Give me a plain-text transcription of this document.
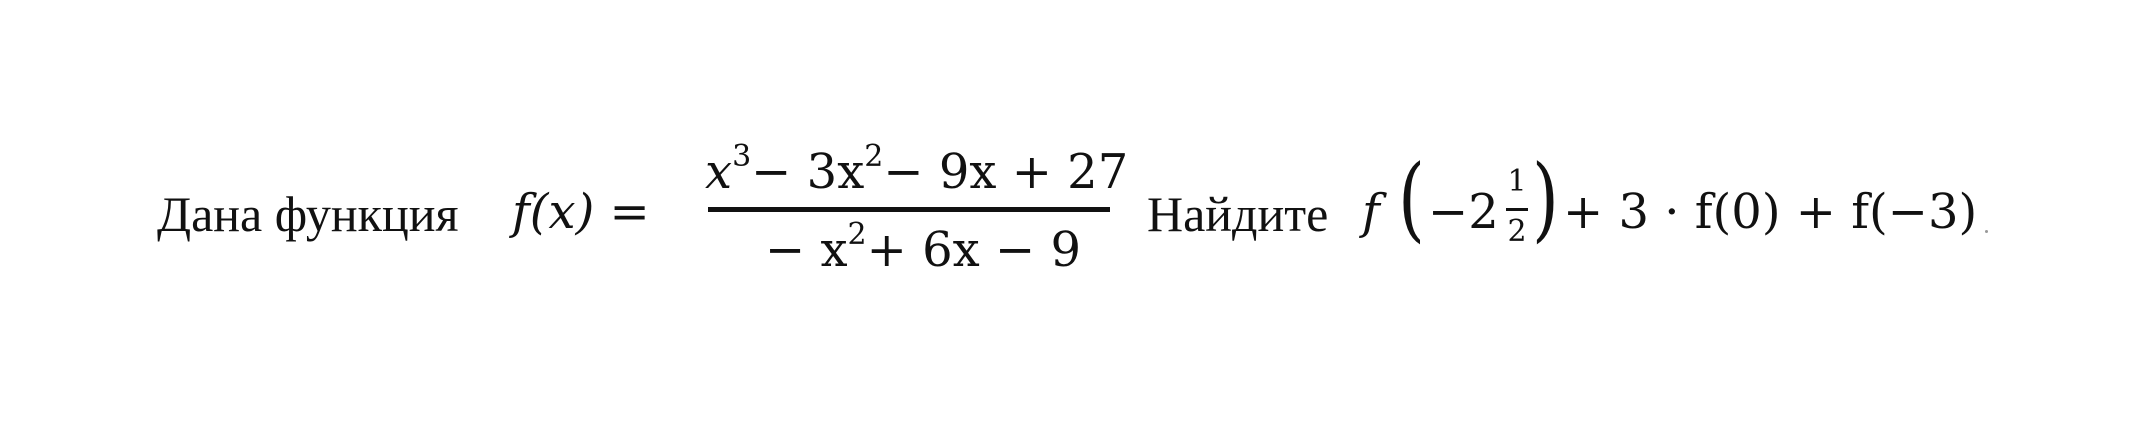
Дана функция f(x) =
$x^3- 3x^2- 9x + 27$
− $x^2+ 6x - 9$
Найдите f ( −2
1
2 ) + 3 · f(0) + f(−3)
